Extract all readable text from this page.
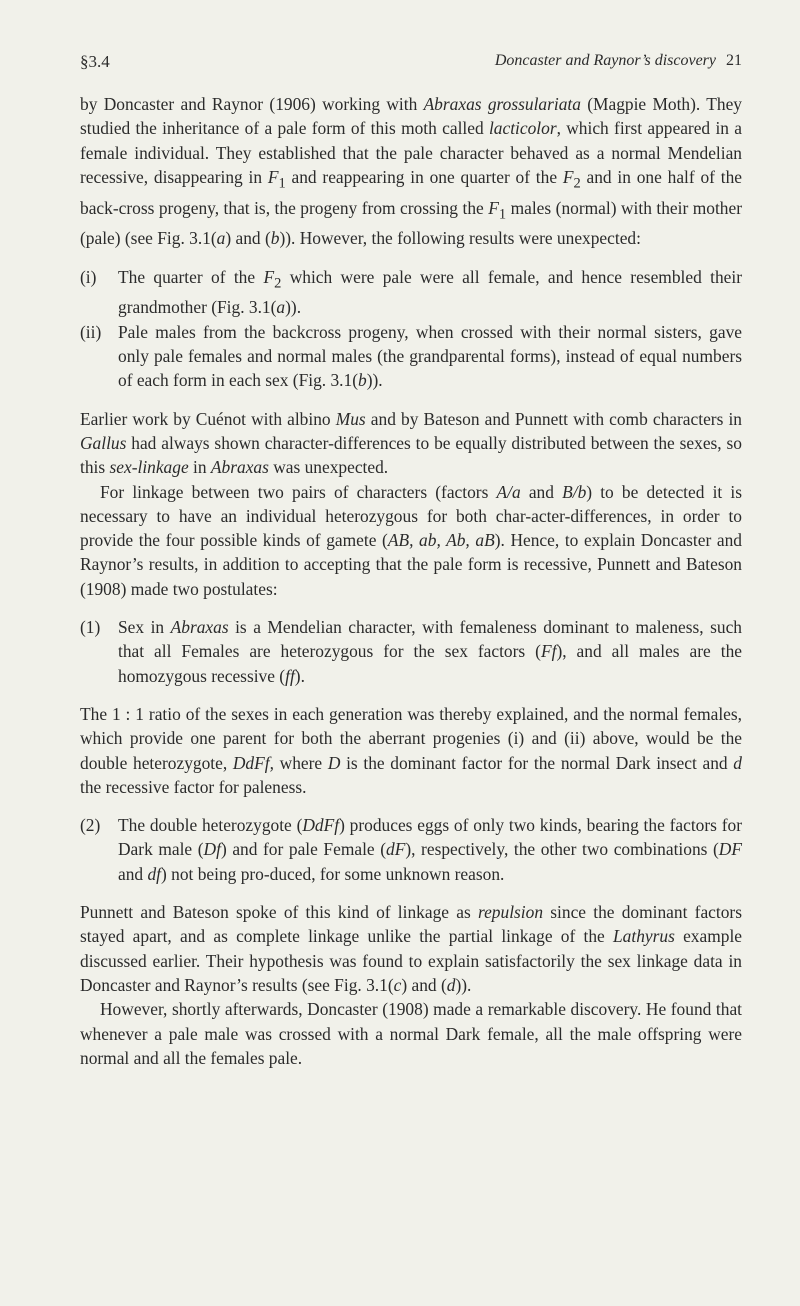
§3.4	Doncaster and Raynor’s discovery 21

by Doncaster and Raynor (1906) working with Abraxas grossulariata (Magpie Moth). They studied the inheritance of a pale form of this moth called lacticolor, which first appeared in a female individual. They established that the pale character behaved as a normal Mendelian recessive, disappearing in $F_1$ and reappearing in one quarter of the $F_2$ and in one half of the back-cross progeny, that is, the progeny from crossing the $F_1$ males (normal) with their mother (pale) (see Fig. 3.1(a) and (b)). However, the following results were unexpected:

(i)	The quarter of the $F_2$ which were pale were all female, and hence resembled their grandmother (Fig. 3.1(a)).
(ii) Pale males from the backcross progeny, when crossed with their normal sisters, gave only pale females and normal males (the grandparental forms), instead of equal numbers of each form in each sex (Fig. 3.1(b)).

Earlier work by Cuénot with albino Mus and by Bateson and Punnett with comb characters in Gallus had always shown character-differences to be equally distributed between the sexes, so this sex-linkage in Abraxas was unexpected.

For linkage between two pairs of characters (factors A/a and B/b) to be detected it is necessary to have an individual heterozygous for both char-acter-differences, in order to provide the four possible kinds of gamete (AB, ab, Ab, aB). Hence, to explain Doncaster and Raynor’s results, in addition to accepting that the pale form is recessive, Punnett and Bateson (1908) made two postulates:

(1)	Sex in Abraxas is a Mendelian character, with femaleness dominant to maleness, such that all Females are heterozygous for the sex factors (Ff), and all males are the homozygous recessive (ff).

The 1 : 1 ratio of the sexes in each generation was thereby explained, and the normal females, which provide one parent for both the aberrant progenies (i) and (ii) above, would be the double heterozygote, DdFf, where D is the dominant factor for the normal Dark insect and d the recessive factor for paleness.

(2)	The double heterozygote (DdFf) produces eggs of only two kinds, bearing the factors for Dark male (Df) and for pale Female (dF), respectively, the other two combinations (DF and df) not being pro-duced, for some unknown reason.

Punnett and Bateson spoke of this kind of linkage as repulsion since the dominant factors stayed apart, and as complete linkage unlike the partial linkage of the Lathyrus example discussed earlier. Their hypothesis was found to explain satisfactorily the sex linkage data in Doncaster and Raynor’s results (see Fig. 3.1(c) and (d)).

However, shortly afterwards, Doncaster (1908) made a remarkable discovery. He found that whenever a pale male was crossed with a normal Dark female, all the male offspring were normal and all the females pale.
